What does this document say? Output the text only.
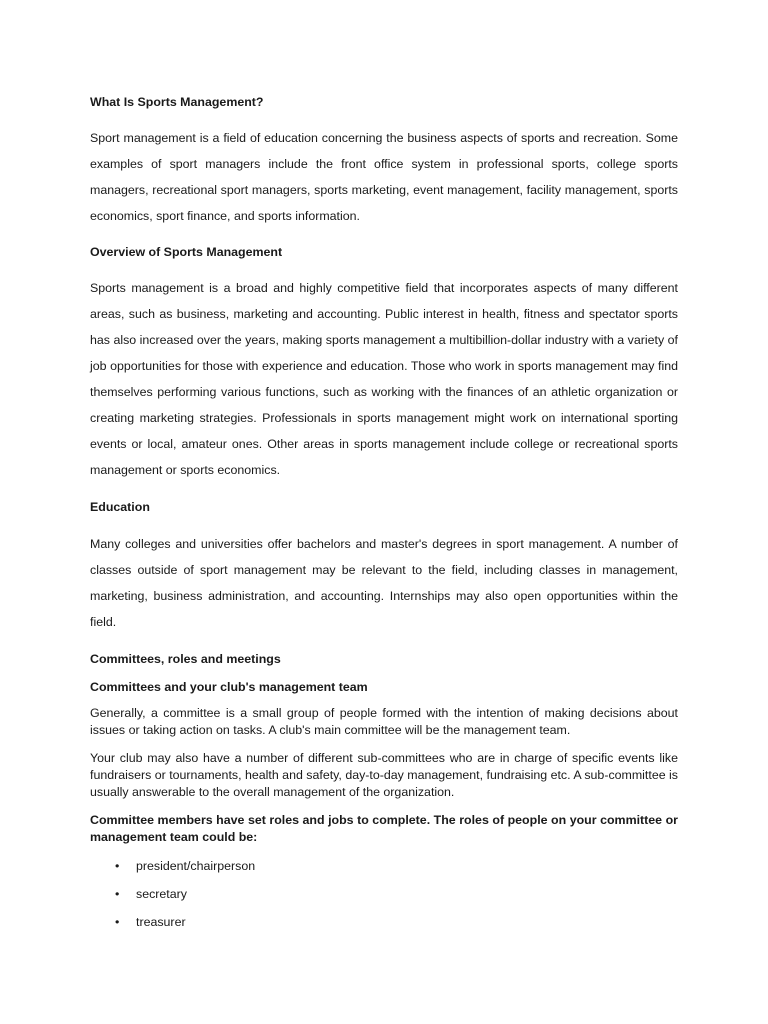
What Is Sports Management?

Sport management is a field of education concerning the business aspects of sports and recreation. Some examples of sport managers include the front office system in professional sports, college sports managers, recreational sport managers, sports marketing, event management, facility management, sports economics, sport finance, and sports information.

Overview of Sports Management

Sports management is a broad and highly competitive field that incorporates aspects of many different areas, such as business, marketing and accounting. Public interest in health, fitness and spectator sports has also increased over the years, making sports management a multibillion-dollar industry with a variety of job opportunities for those with experience and education. Those who work in sports management may find themselves performing various functions, such as working with the finances of an athletic organization or creating marketing strategies. Professionals in sports management might work on international sporting events or local, amateur ones. Other areas in sports management include college or recreational sports management or sports economics.

Education

Many colleges and universities offer bachelors and master's degrees in sport management. A number of classes outside of sport management may be relevant to the field, including classes in management, marketing, business administration, and accounting. Internships may also open opportunities within the field.

Committees, roles and meetings

Committees and your club's management team

Generally, a committee is a small group of people formed with the intention of making decisions about issues or taking action on tasks. A club's main committee will be the management team.

Your club may also have a number of different sub-committees who are in charge of specific events like fundraisers or tournaments, health and safety, day-to-day management, fundraising etc. A sub-committee is usually answerable to the overall management of the organization.

Committee members have set roles and jobs to complete. The roles of people on your committee or management team could be:

• president/chairperson
• secretary
• treasurer
